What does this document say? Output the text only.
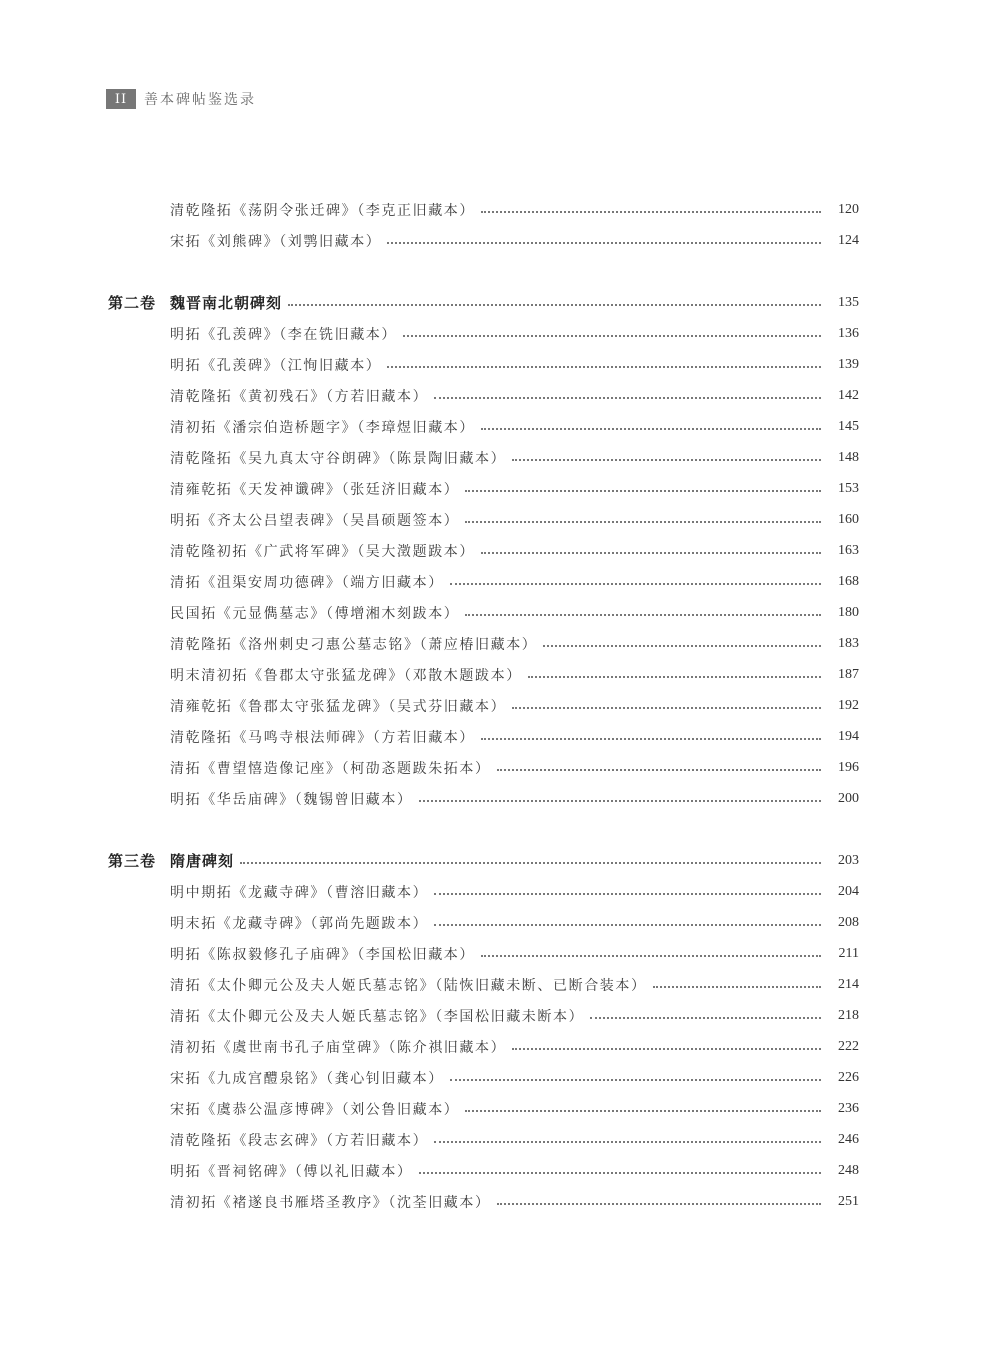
II	善本碑帖鉴选录
清乾隆拓《荡阴令张迁碑》（李克正旧藏本）	120
宋拓《刘熊碑》（刘鹗旧藏本）	124
第二卷 魏晋南北朝碑刻	135
明拓《孔羡碑》（李在铣旧藏本）	136
明拓《孔羡碑》（江恂旧藏本）	139
清乾隆拓《黄初残石》（方若旧藏本）	142
清初拓《潘宗伯造桥题字》（李璋煜旧藏本）	145
清乾隆拓《吴九真太守谷朗碑》（陈景陶旧藏本）	148
清雍乾拓《天发神谶碑》（张廷济旧藏本）	153
明拓《齐太公吕望表碑》（吴昌硕题签本）	160
清乾隆初拓《广武将军碑》（吴大澂题跋本）	163
清拓《沮渠安周功德碑》（端方旧藏本）	168
民国拓《元显儁墓志》（傅增湘木刻跋本）	180
清乾隆拓《洛州刺史刁惠公墓志铭》（萧应椿旧藏本）	183
明末清初拓《鲁郡太守张猛龙碑》（邓散木题跋本）	187
清雍乾拓《鲁郡太守张猛龙碑》（吴式芬旧藏本）	192
清乾隆拓《马鸣寺根法师碑》（方若旧藏本）	194
清拓《曹望憘造像记座》（柯劭忞题跋朱拓本）	196
明拓《华岳庙碑》（魏锡曾旧藏本）	200
第三卷 隋唐碑刻	203
明中期拓《龙藏寺碑》（曹溶旧藏本）	204
明末拓《龙藏寺碑》（郭尚先题跋本）	208
明拓《陈叔毅修孔子庙碑》（李国松旧藏本）	211
清拓《太仆卿元公及夫人姬氏墓志铭》（陆恢旧藏未断、已断合装本）	214
清拓《太仆卿元公及夫人姬氏墓志铭》（李国松旧藏未断本）	218
清初拓《虞世南书孔子庙堂碑》（陈介祺旧藏本）	222
宋拓《九成宫醴泉铭》（龚心钊旧藏本）	226
宋拓《虞恭公温彦博碑》（刘公鲁旧藏本）	236
清乾隆拓《段志玄碑》（方若旧藏本）	246
明拓《晋祠铭碑》（傅以礼旧藏本）	248
清初拓《褚遂良书雁塔圣教序》（沈荃旧藏本）	251
